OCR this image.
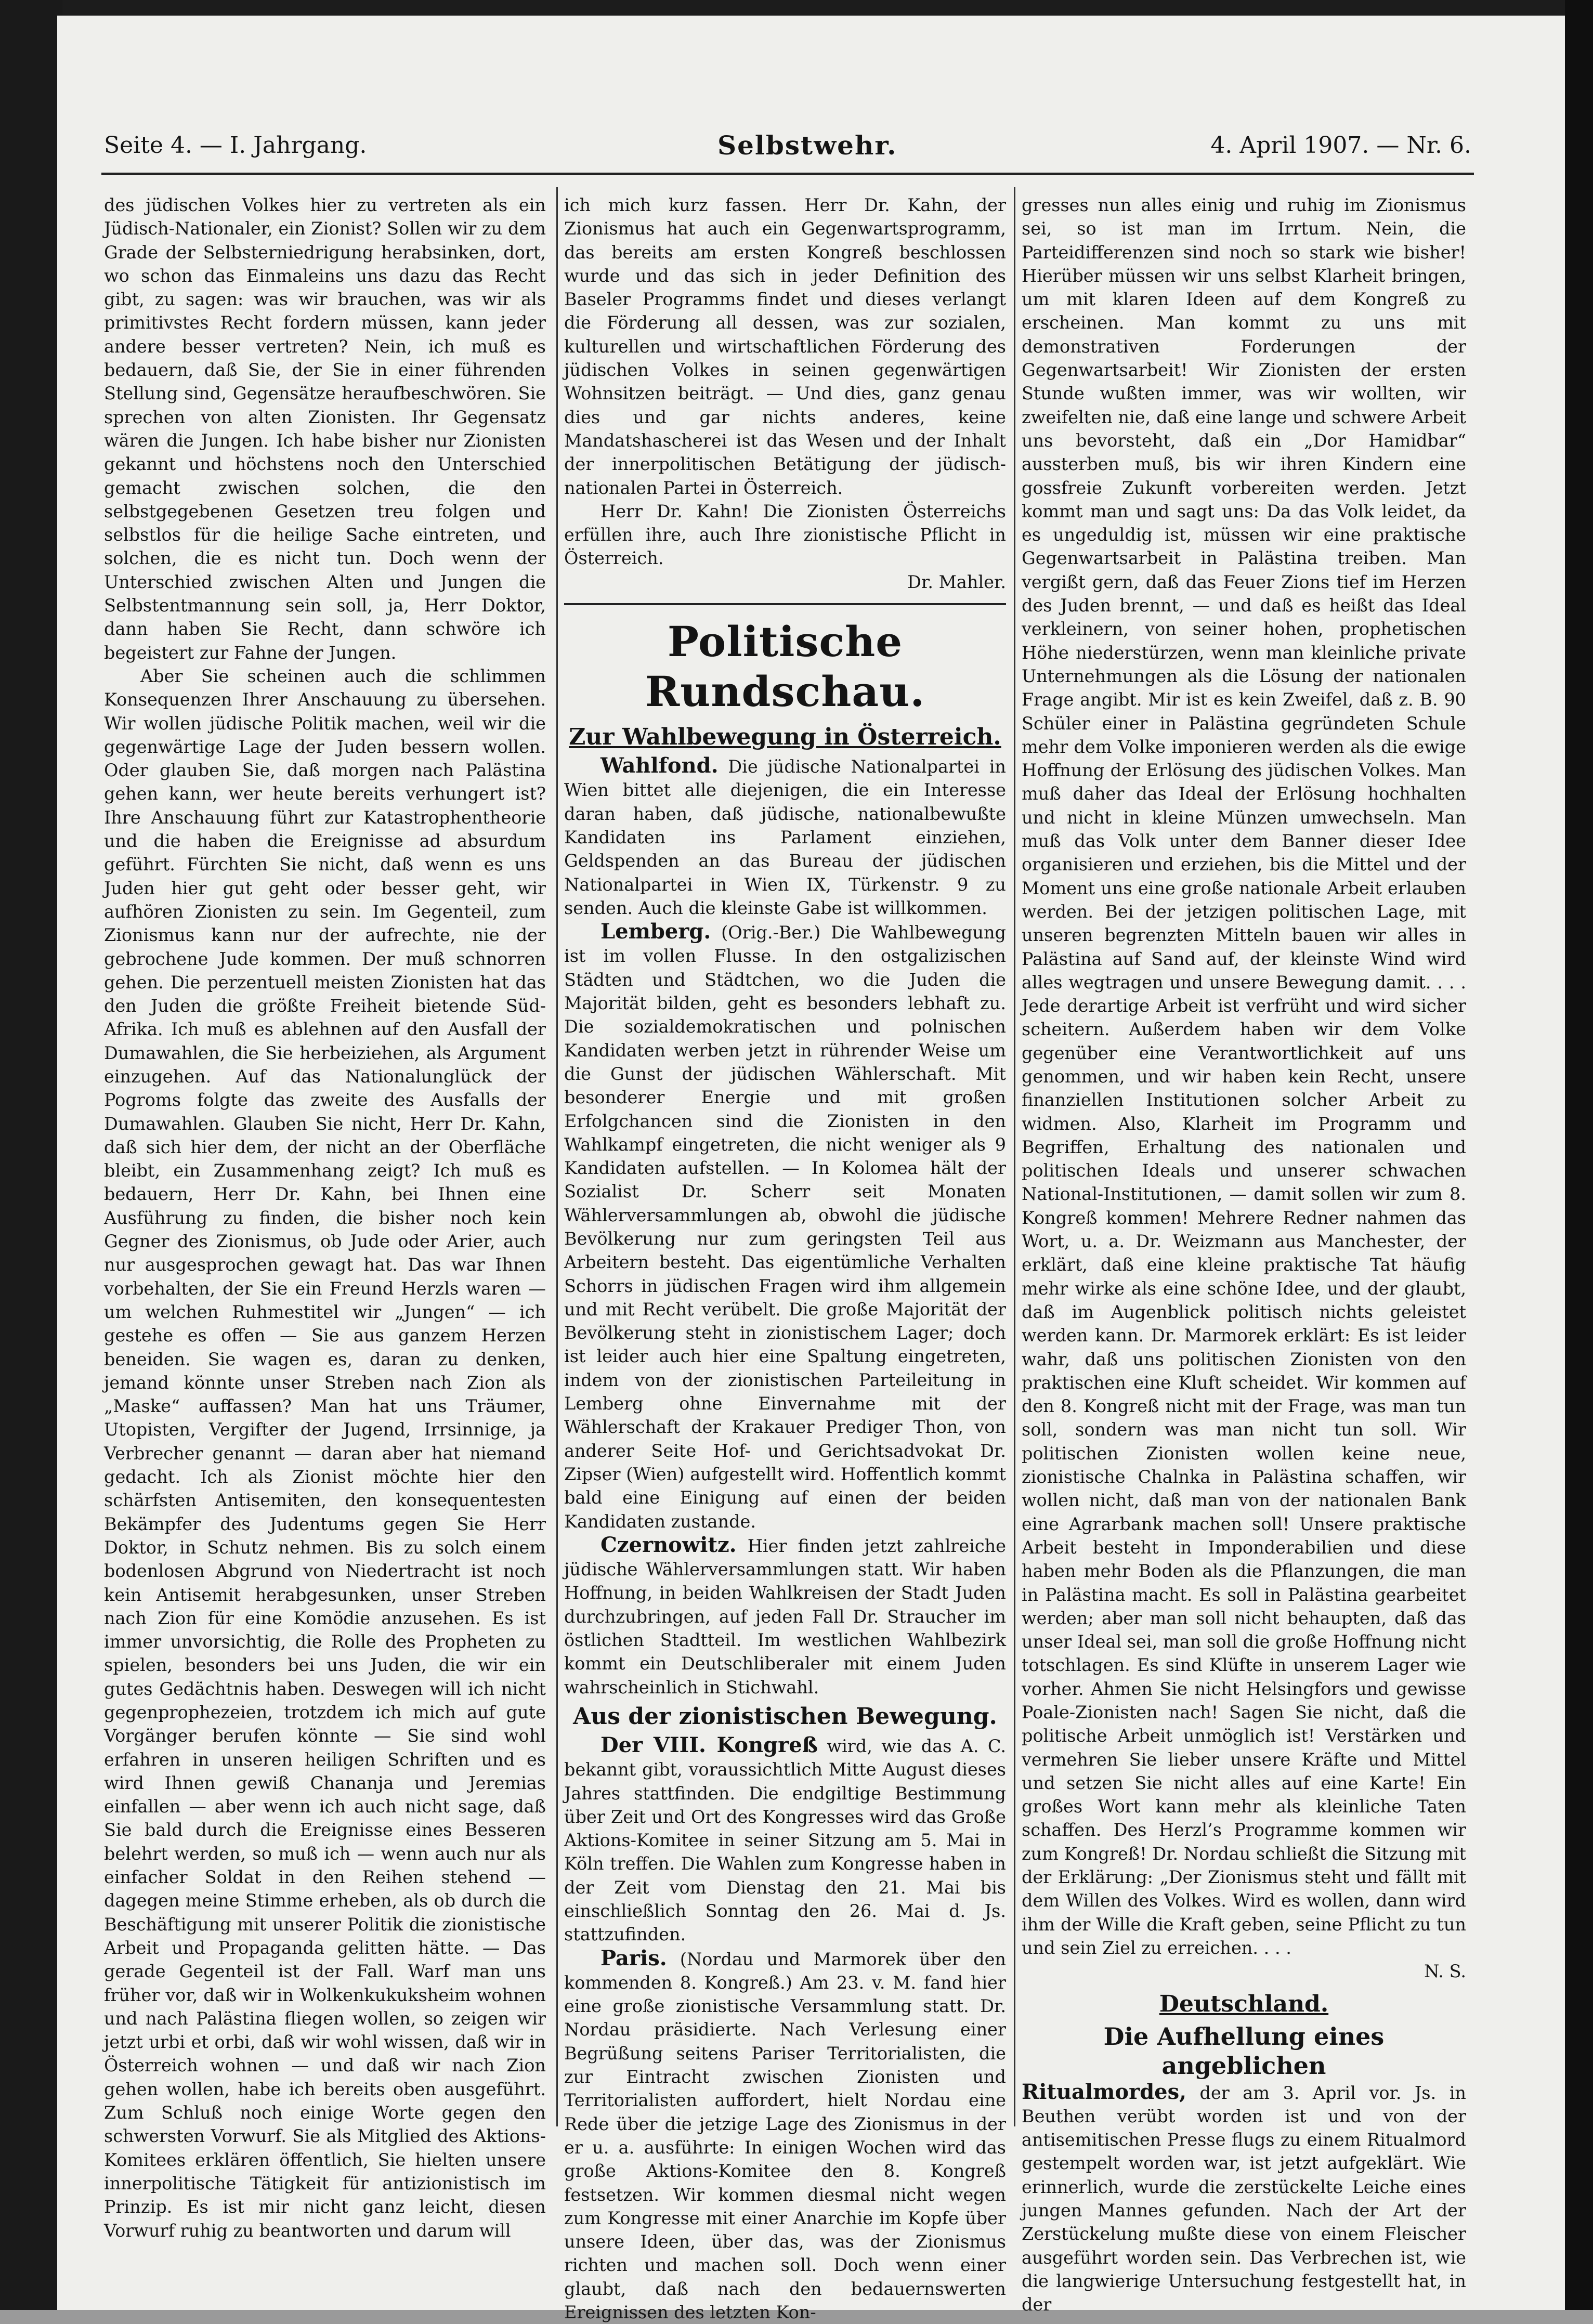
Seite 4. — I. Jahrgang.	Selbstwehr.	4. April 1907. — Nr. 6.

des jüdischen Volkes hier zu vertreten als ein Jüdisch-Nationaler, ein Zionist? Sollen wir zu dem Grade der Selbsterniedrigung herabsinken, dort, wo schon das Einmaleins uns dazu das Recht gibt, zu sagen: was wir brauchen, was wir als primitivstes Recht fordern müssen, kann jeder andere besser vertreten? Nein, ich muß es bedauern, daß Sie, der Sie in einer führenden Stellung sind, Gegensätze heraufbeschwören. Sie sprechen von alten Zionisten. Ihr Gegensatz wären die Jungen. Ich habe bisher nur Zionisten gekannt und höchstens noch den Unterschied gemacht zwischen solchen, die den selbstgegebenen Gesetzen treu folgen und selbstlos für die heilige Sache eintreten, und solchen, die es nicht tun. Doch wenn der Unterschied zwischen Alten und Jungen die Selbstentmannung sein soll, ja, Herr Doktor, dann haben Sie Recht, dann schwöre ich begeistert zur Fahne der Jungen.

Aber Sie scheinen auch die schlimmen Konsequenzen Ihrer Anschauung zu übersehen. Wir wollen jüdische Politik machen, weil wir die gegenwärtige Lage der Juden bessern wollen. Oder glauben Sie, daß morgen nach Palästina gehen kann, wer heute bereits verhungert ist? Ihre Anschauung führt zur Katastrophentheorie und die haben die Ereignisse ad absurdum geführt. Fürchten Sie nicht, daß wenn es uns Juden hier gut geht oder besser geht, wir aufhören Zionisten zu sein. Im Gegenteil, zum Zionismus kann nur der aufrechte, nie der gebrochene Jude kommen. Der muß schnorren gehen. Die perzentuell meisten Zionisten hat das den Juden die größte Freiheit bietende Süd-Afrika. Ich muß es ablehnen auf den Ausfall der Dumawahlen, die Sie herbeiziehen, als Argument einzugehen. Auf das Nationalunglück der Pogroms folgte das zweite des Ausfalls der Dumawahlen. Glauben Sie nicht, Herr Dr. Kahn, daß sich hier dem, der nicht an der Oberfläche bleibt, ein Zusammenhang zeigt? Ich muß es bedauern, Herr Dr. Kahn, bei Ihnen eine Ausführung zu finden, die bisher noch kein Gegner des Zionismus, ob Jude oder Arier, auch nur ausgesprochen gewagt hat. Das war Ihnen vorbehalten, der Sie ein Freund Herzls waren — um welchen Ruhmestitel wir „Jungen“ — ich gestehe es offen — Sie aus ganzem Herzen beneiden. Sie wagen es, daran zu denken, jemand könnte unser Streben nach Zion als „Maske“ auffassen? Man hat uns Träumer, Utopisten, Vergifter der Jugend, Irrsinnige, ja Verbrecher genannt — daran aber hat niemand gedacht. Ich als Zionist möchte hier den schärfsten Antisemiten, den konsequentesten Bekämpfer des Judentums gegen Sie Herr Doktor, in Schutz nehmen. Bis zu solch einem bodenlosen Abgrund von Niedertracht ist noch kein Antisemit herabgesunken, unser Streben nach Zion für eine Komödie anzusehen. Es ist immer unvorsichtig, die Rolle des Propheten zu spielen, besonders bei uns Juden, die wir ein gutes Gedächtnis haben. Deswegen will ich nicht gegenprophezeien, trotzdem ich mich auf gute Vorgänger berufen könnte — Sie sind wohl erfahren in unseren heiligen Schriften und es wird Ihnen gewiß Chananja und Jeremias einfallen — aber wenn ich auch nicht sage, daß Sie bald durch die Ereignisse eines Besseren belehrt werden, so muß ich — wenn auch nur als einfacher Soldat in den Reihen stehend — dagegen meine Stimme erheben, als ob durch die Beschäftigung mit unserer Politik die zionistische Arbeit und Propaganda gelitten hätte. — Das gerade Gegenteil ist der Fall. Warf man uns früher vor, daß wir in Wolkenkukuksheim wohnen und nach Palästina fliegen wollen, so zeigen wir jetzt urbi et orbi, daß wir wohl wissen, daß wir in Österreich wohnen — und daß wir nach Zion gehen wollen, habe ich bereits oben ausgeführt. Zum Schluß noch einige Worte gegen den schwersten Vorwurf. Sie als Mitglied des Aktions-Komitees erklären öffentlich, Sie hielten unsere innerpolitische Tätigkeit für antizionistisch im Prinzip. Es ist mir nicht ganz leicht, diesen Vorwurf ruhig zu beantworten und darum will

ich mich kurz fassen. Herr Dr. Kahn, der Zionismus hat auch ein Gegenwartsprogramm, das bereits am ersten Kongreß beschlossen wurde und das sich in jeder Definition des Baseler Programms findet und dieses verlangt die Förderung all dessen, was zur sozialen, kulturellen und wirtschaftlichen Förderung des jüdischen Volkes in seinen gegenwärtigen Wohnsitzen beiträgt. — Und dies, ganz genau dies und gar nichts anderes, keine Mandatshascherei ist das Wesen und der Inhalt der innerpolitischen Betätigung der jüdisch-nationalen Partei in Österreich.

Herr Dr. Kahn! Die Zionisten Österreichs erfüllen ihre, auch Ihre zionistische Pflicht in Österreich.

Dr. Mahler.

Politische Rundschau.
Zur Wahlbewegung in Österreich.

Wahlfond. Die jüdische Nationalpartei in Wien bittet alle diejenigen, die ein Interesse daran haben, daß jüdische, nationalbewußte Kandidaten ins Parlament einziehen, Geldspenden an das Bureau der jüdischen Nationalpartei in Wien IX, Türkenstr. 9 zu senden. Auch die kleinste Gabe ist willkommen.

Lemberg. (Orig.-Ber.) Die Wahlbewegung ist im vollen Flusse. In den ostgalizischen Städten und Städtchen, wo die Juden die Majorität bilden, geht es besonders lebhaft zu. Die sozialdemokratischen und polnischen Kandidaten werben jetzt in rührender Weise um die Gunst der jüdischen Wählerschaft. Mit besonderer Energie und mit großen Erfolgchancen sind die Zionisten in den Wahlkampf eingetreten, die nicht weniger als 9 Kandidaten aufstellen. — In Kolomea hält der Sozialist Dr. Scherr seit Monaten Wählerversammlungen ab, obwohl die jüdische Bevölkerung nur zum geringsten Teil aus Arbeitern besteht. Das eigentümliche Verhalten Schorrs in jüdischen Fragen wird ihm allgemein und mit Recht verübelt. Die große Majorität der Bevölkerung steht in zionistischem Lager; doch ist leider auch hier eine Spaltung eingetreten, indem von der zionistischen Parteileitung in Lemberg ohne Einvernahme mit der Wählerschaft der Krakauer Prediger Thon, von anderer Seite Hof- und Gerichtsadvokat Dr. Zipser (Wien) aufgestellt wird. Hoffentlich kommt bald eine Einigung auf einen der beiden Kandidaten zustande.

Czernowitz. Hier finden jetzt zahlreiche jüdische Wählerversammlungen statt. Wir haben Hoffnung, in beiden Wahlkreisen der Stadt Juden durchzubringen, auf jeden Fall Dr. Straucher im östlichen Stadtteil. Im westlichen Wahlbezirk kommt ein Deutschliberaler mit einem Juden wahrscheinlich in Stichwahl.

Aus der zionistischen Bewegung.

Der VIII. Kongreß wird, wie das A. C. bekannt gibt, voraussichtlich Mitte August dieses Jahres stattfinden. Die endgiltige Bestimmung über Zeit und Ort des Kongresses wird das Große Aktions-Komitee in seiner Sitzung am 5. Mai in Köln treffen. Die Wahlen zum Kongresse haben in der Zeit vom Dienstag den 21. Mai bis einschließlich Sonntag den 26. Mai d. Js. stattzufinden.

Paris. (Nordau und Marmorek über den kommenden 8. Kongreß.) Am 23. v. M. fand hier eine große zionistische Versammlung statt. Dr. Nordau präsidierte. Nach Verlesung einer Begrüßung seitens Pariser Territorialisten, die zur Eintracht zwischen Zionisten und Territorialisten auffordert, hielt Nordau eine Rede über die jetzige Lage des Zionismus in der er u. a. ausführte: In einigen Wochen wird das große Aktions-Komitee den 8. Kongreß festsetzen. Wir kommen diesmal nicht wegen zum Kongresse mit einer Anarchie im Kopfe über unsere Ideen, über das, was der Zionismus richten und machen soll. Doch wenn einer glaubt, daß nach den bedauernswerten Ereignissen des letzten Kon-

gresses nun alles einig und ruhig im Zionismus sei, so ist man im Irrtum. Nein, die Parteidifferenzen sind noch so stark wie bisher! Hierüber müssen wir uns selbst Klarheit bringen, um mit klaren Ideen auf dem Kongreß zu erscheinen. Man kommt zu uns mit demonstrativen Forderungen der Gegenwartsarbeit! Wir Zionisten der ersten Stunde wußten immer, was wir wollten, wir zweifelten nie, daß eine lange und schwere Arbeit uns bevorsteht, daß ein „Dor Hamidbar“ aussterben muß, bis wir ihren Kindern eine gossfreie Zukunft vorbereiten werden. Jetzt kommt man und sagt uns: Da das Volk leidet, da es ungeduldig ist, müssen wir eine praktische Gegenwartsarbeit in Palästina treiben. Man vergißt gern, daß das Feuer Zions tief im Herzen des Juden brennt, — und daß es heißt das Ideal verkleinern, von seiner hohen, prophetischen Höhe niederstürzen, wenn man kleinliche private Unternehmungen als die Lösung der nationalen Frage angibt. Mir ist es kein Zweifel, daß z. B. 90 Schüler einer in Palästina gegründeten Schule mehr dem Volke imponieren werden als die ewige Hoffnung der Erlösung des jüdischen Volkes. Man muß daher das Ideal der Erlösung hochhalten und nicht in kleine Münzen umwechseln. Man muß das Volk unter dem Banner dieser Idee organisieren und erziehen, bis die Mittel und der Moment uns eine große nationale Arbeit erlauben werden. Bei der jetzigen politischen Lage, mit unseren begrenzten Mitteln bauen wir alles in Palästina auf Sand auf, der kleinste Wind wird alles wegtragen und unsere Bewegung damit. . . . Jede derartige Arbeit ist verfrüht und wird sicher scheitern. Außerdem haben wir dem Volke gegenüber eine Verantwortlichkeit auf uns genommen, und wir haben kein Recht, unsere finanziellen Institutionen solcher Arbeit zu widmen. Also, Klarheit im Programm und Begriffen, Erhaltung des nationalen und politischen Ideals und unserer schwachen National-Institutionen, — damit sollen wir zum 8. Kongreß kommen! Mehrere Redner nahmen das Wort, u. a. Dr. Weizmann aus Manchester, der erklärt, daß eine kleine praktische Tat häufig mehr wirke als eine schöne Idee, und der glaubt, daß im Augenblick politisch nichts geleistet werden kann. Dr. Marmorek erklärt: Es ist leider wahr, daß uns politischen Zionisten von den praktischen eine Kluft scheidet. Wir kommen auf den 8. Kongreß nicht mit der Frage, was man tun soll, sondern was man nicht tun soll. Wir politischen Zionisten wollen keine neue, zionistische Chalnka in Palästina schaffen, wir wollen nicht, daß man von der nationalen Bank eine Agrarbank machen soll! Unsere praktische Arbeit besteht in Imponderabilien und diese haben mehr Boden als die Pflanzungen, die man in Palästina macht. Es soll in Palästina gearbeitet werden; aber man soll nicht behaupten, daß das unser Ideal sei, man soll die große Hoffnung nicht totschlagen. Es sind Klüfte in unserem Lager wie vorher. Ahmen Sie nicht Helsingfors und gewisse Poale-Zionisten nach! Sagen Sie nicht, daß die politische Arbeit unmöglich ist! Verstärken und vermehren Sie lieber unsere Kräfte und Mittel und setzen Sie nicht alles auf eine Karte! Ein großes Wort kann mehr als kleinliche Taten schaffen. Des Herzl’s Programme kommen wir zum Kongreß! Dr. Nordau schließt die Sitzung mit der Erklärung: „Der Zionismus steht und fällt mit dem Willen des Volkes. Wird es wollen, dann wird ihm der Wille die Kraft geben, seine Pflicht zu tun und sein Ziel zu erreichen. . . .

N. S.

Deutschland.
Die Aufhellung eines angeblichen

Ritualmordes, der am 3. April vor. Js. in Beuthen verübt worden ist und von der antisemitischen Presse flugs zu einem Ritualmord gestempelt worden war, ist jetzt aufgeklärt. Wie erinnerlich, wurde die zerstückelte Leiche eines jungen Mannes gefunden. Nach der Art der Zerstückelung mußte diese von einem Fleischer ausgeführt worden sein. Das Verbrechen ist, wie die langwierige Untersuchung festgestellt hat, in der
